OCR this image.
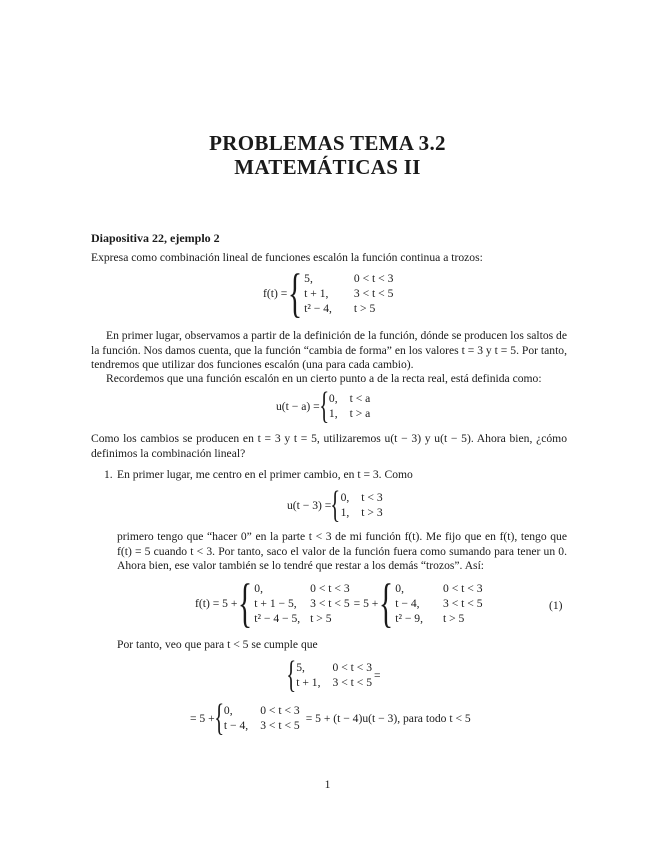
PROBLEMAS TEMA 3.2
MATEMÁTICAS II
Diapositiva 22, ejemplo 2
Expresa como combinación lineal de funciones escalón la función continua a trozos:
f(t) = { 5,	0 < t < 3
t + 1, 3 < t < 5
t² − 4, t > 5
En primer lugar, observamos a partir de la definición de la función, dónde se producen los saltos de la función. Nos damos cuenta, que la función “cambia de forma” en los valores t = 3 y t = 5. Por tanto, tendremos que utilizar dos funciones escalón (una para cada cambio).
Recordemos que una función escalón en un cierto punto a de la recta real, está definida como:
u(t − a) = { 0, t < a
1, t > a
Como los cambios se producen en t = 3 y t = 5, utilizaremos u(t − 3) y u(t − 5). Ahora bien, ¿cómo definimos la combinación lineal?
1. En primer lugar, me centro en el primer cambio, en t = 3. Como
u(t − 3) = { 0, t < 3
1, t > 3
primero tengo que “hacer 0” en la parte t < 3 de mi función f(t). Me fijo que en f(t), tengo que f(t) = 5 cuando t < 3. Por tanto, saco el valor de la función fuera como sumando para tener un 0. Ahora bien, ese valor también se lo tendré que restar a los demás “trozos”. Así:
f(t) = 5 + { 0,	0 < t < 3
t + 1 − 5,	3 < t < 5
t² − 4 − 5, t > 5
= 5 + { 0,	0 < t < 3
t − 4, 3 < t < 5
t² − 9, t > 5
(1)
Por tanto, veo que para t < 5 se cumple que
{ 5,	0 < t < 3
t + 1, 3 < t < 5
=
= 5 + { 0,	0 < t < 3
t − 4, 3 < t < 5
= 5 + (t − 4)u(t − 3), para todo t < 5
1
